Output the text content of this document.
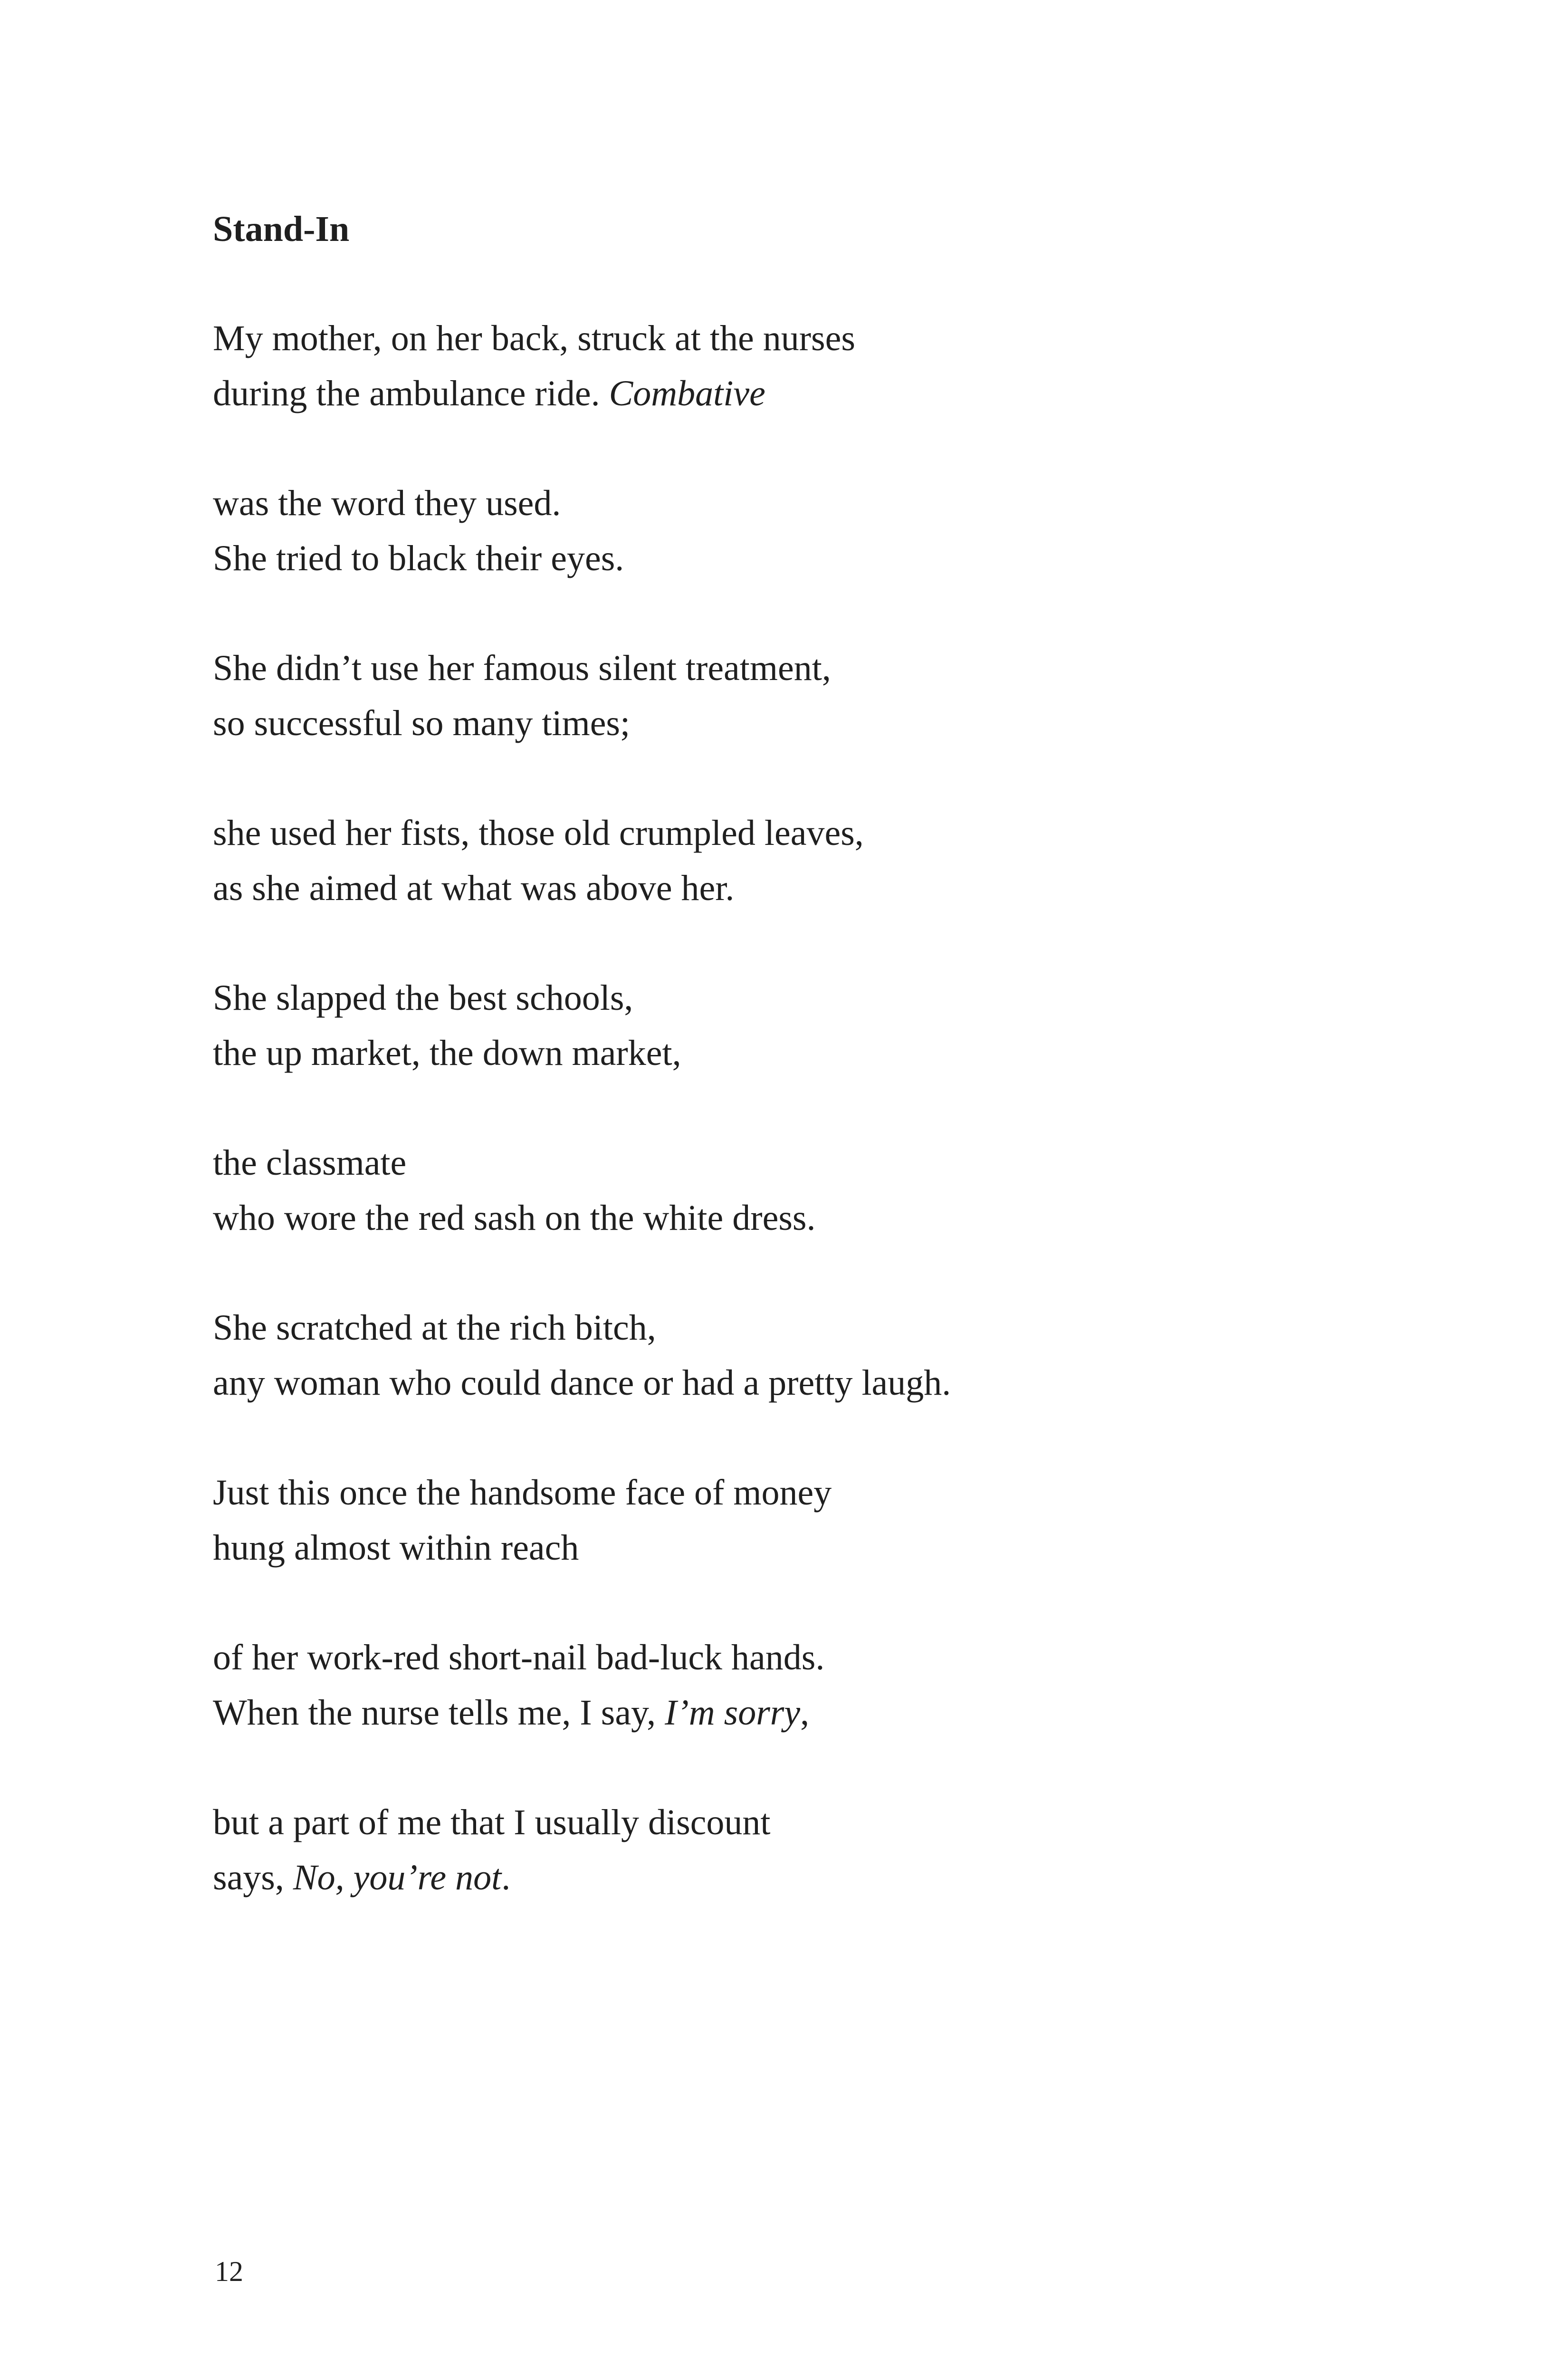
Stand-In
My mother, on her back, struck at the nurses
during the ambulance ride. Combative
was the word they used.
She tried to black their eyes.
She didn’t use her famous silent treatment,
so successful so many times;
she used her fists, those old crumpled leaves,
as she aimed at what was above her.
She slapped the best schools,
the up market, the down market,
the classmate
who wore the red sash on the white dress.
She scratched at the rich bitch,
any woman who could dance or had a pretty laugh.
Just this once the handsome face of money
hung almost within reach
of her work-red short-nail bad-luck hands.
When the nurse tells me, I say, I’m sorry,
but a part of me that I usually discount
says, No, you’re not.
12
